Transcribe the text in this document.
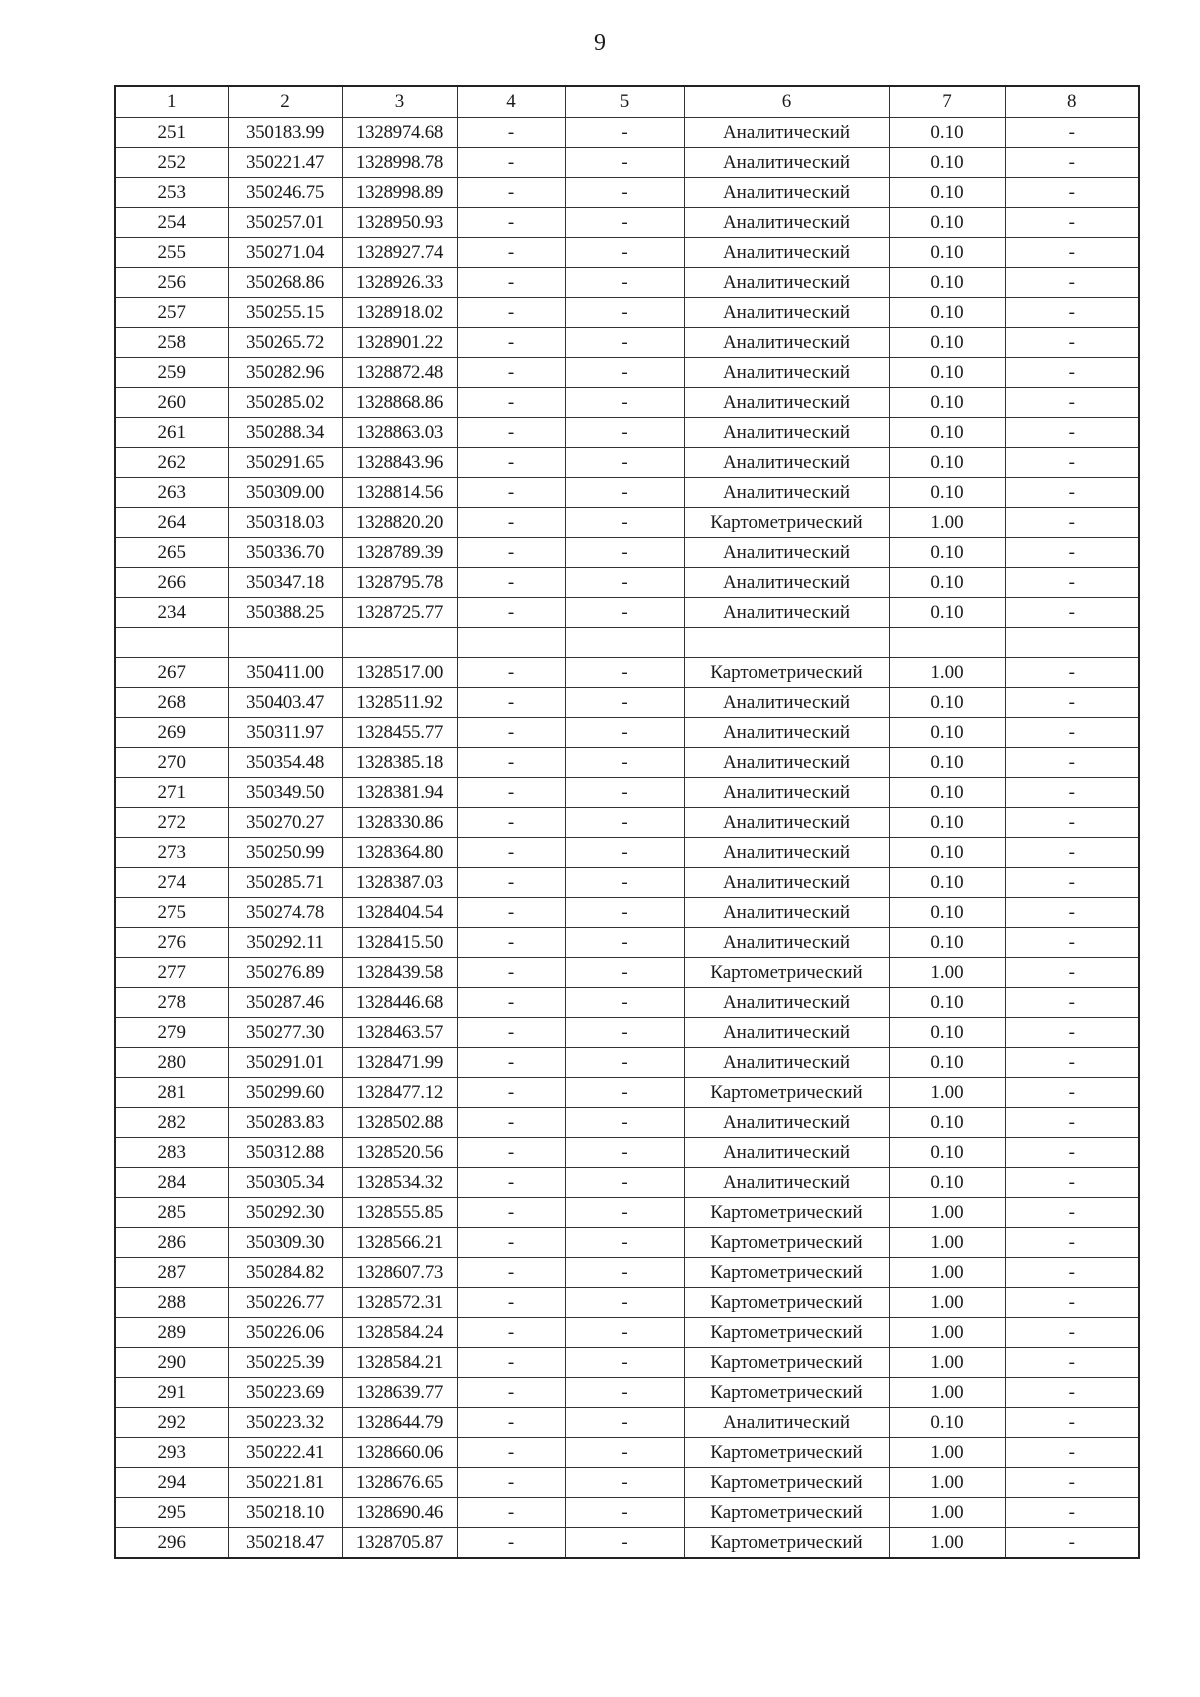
9
1	2	3	4	5	6	7	8
251	350183.99	1328974.68	-	-	Аналитический	0.10	-
252	350221.47	1328998.78	-	-	Аналитический	0.10	-
253	350246.75	1328998.89	-	-	Аналитический	0.10	-
254	350257.01	1328950.93	-	-	Аналитический	0.10	-
255	350271.04	1328927.74	-	-	Аналитический	0.10	-
256	350268.86	1328926.33	-	-	Аналитический	0.10	-
257	350255.15	1328918.02	-	-	Аналитический	0.10	-
258	350265.72	1328901.22	-	-	Аналитический	0.10	-
259	350282.96	1328872.48	-	-	Аналитический	0.10	-
260	350285.02	1328868.86	-	-	Аналитический	0.10	-
261	350288.34	1328863.03	-	-	Аналитический	0.10	-
262	350291.65	1328843.96	-	-	Аналитический	0.10	-
263	350309.00	1328814.56	-	-	Аналитический	0.10	-
264	350318.03	1328820.20	-	-	Картометрический	1.00	-
265	350336.70	1328789.39	-	-	Аналитический	0.10	-
266	350347.18	1328795.78	-	-	Аналитический	0.10	-
234	350388.25	1328725.77	-	-	Аналитический	0.10	-

267	350411.00	1328517.00	-	-	Картометрический	1.00	-
268	350403.47	1328511.92	-	-	Аналитический	0.10	-
269	350311.97	1328455.77	-	-	Аналитический	0.10	-
270	350354.48	1328385.18	-	-	Аналитический	0.10	-
271	350349.50	1328381.94	-	-	Аналитический	0.10	-
272	350270.27	1328330.86	-	-	Аналитический	0.10	-
273	350250.99	1328364.80	-	-	Аналитический	0.10	-
274	350285.71	1328387.03	-	-	Аналитический	0.10	-
275	350274.78	1328404.54	-	-	Аналитический	0.10	-
276	350292.11	1328415.50	-	-	Аналитический	0.10	-
277	350276.89	1328439.58	-	-	Картометрический	1.00	-
278	350287.46	1328446.68	-	-	Аналитический	0.10	-
279	350277.30	1328463.57	-	-	Аналитический	0.10	-
280	350291.01	1328471.99	-	-	Аналитический	0.10	-
281	350299.60	1328477.12	-	-	Картометрический	1.00	-
282	350283.83	1328502.88	-	-	Аналитический	0.10	-
283	350312.88	1328520.56	-	-	Аналитический	0.10	-
284	350305.34	1328534.32	-	-	Аналитический	0.10	-
285	350292.30	1328555.85	-	-	Картометрический	1.00	-
286	350309.30	1328566.21	-	-	Картометрический	1.00	-
287	350284.82	1328607.73	-	-	Картометрический	1.00	-
288	350226.77	1328572.31	-	-	Картометрический	1.00	-
289	350226.06	1328584.24	-	-	Картометрический	1.00	-
290	350225.39	1328584.21	-	-	Картометрический	1.00	-
291	350223.69	1328639.77	-	-	Картометрический	1.00	-
292	350223.32	1328644.79	-	-	Аналитический	0.10	-
293	350222.41	1328660.06	-	-	Картометрический	1.00	-
294	350221.81	1328676.65	-	-	Картометрический	1.00	-
295	350218.10	1328690.46	-	-	Картометрический	1.00	-
296	350218.47	1328705.87	-	-	Картометрический	1.00	-
